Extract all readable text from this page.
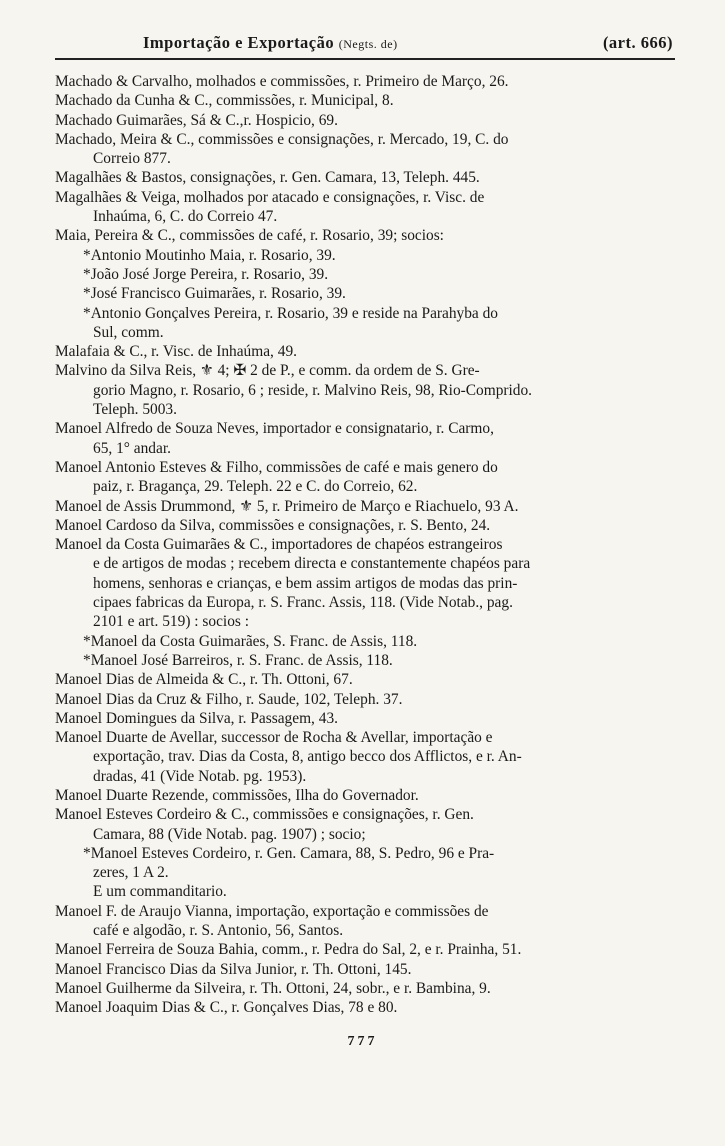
Importação e Exportação (Negts. de)	(art. 666)
Machado & Carvalho, molhados e commissões, r. Primeiro de Março, 26.
Machado da Cunha & C., commissões, r. Municipal, 8.
Machado Guimarães, Sá & C.,r. Hospicio, 69.
Machado, Meira & C., commissões e consignações, r. Mercado, 19, C. do
Correio 877.
Magalhães & Bastos, consignações, r. Gen. Camara, 13, Teleph. 445.
Magalhães & Veiga, molhados por atacado e consignações, r. Visc. de
Inhaúma, 6, C. do Correio 47.
Maia, Pereira & C., commissões de café, r. Rosario, 39; socios:
*Antonio Moutinho Maia, r. Rosario, 39.
*João José Jorge Pereira, r. Rosario, 39.
*José Francisco Guimarães, r. Rosario, 39.
*Antonio Gonçalves Pereira, r. Rosario, 39 e reside na Parahyba do
Sul, comm.
Malafaia & C., r. Visc. de Inhaúma, 49.
Malvino da Silva Reis, ⚜ 4; ✠ 2 de P., e comm. da ordem de S. Gre-
gorio Magno, r. Rosario, 6 ; reside, r. Malvino Reis, 98, Rio-Comprido.
Teleph. 5003.
Manoel Alfredo de Souza Neves, importador e consignatario, r. Carmo,
65, 1° andar.
Manoel Antonio Esteves & Filho, commissões de café e mais genero do
paiz, r. Bragança, 29. Teleph. 22 e C. do Correio, 62.
Manoel de Assis Drummond, ⚜ 5, r. Primeiro de Março e Riachuelo, 93 A.
Manoel Cardoso da Silva, commissões e consignações, r. S. Bento, 24.
Manoel da Costa Guimarães & C., importadores de chapéos estrangeiros
e de artigos de modas ; recebem directa e constantemente chapéos para
homens, senhoras e crianças, e bem assim artigos de modas das prin-
cipaes fabricas da Europa, r. S. Franc. Assis, 118. (Vide Notab., pag.
2101 e art. 519) : socios :
*Manoel da Costa Guimarães, S. Franc. de Assis, 118.
*Manoel José Barreiros, r. S. Franc. de Assis, 118.
Manoel Dias de Almeida & C., r. Th. Ottoni, 67.
Manoel Dias da Cruz & Filho, r. Saude, 102, Teleph. 37.
Manoel Domingues da Silva, r. Passagem, 43.
Manoel Duarte de Avellar, successor de Rocha & Avellar, importação e
exportação, trav. Dias da Costa, 8, antigo becco dos Afflictos, e r. An-
dradas, 41 (Vide Notab. pg. 1953).
Manoel Duarte Rezende, commissões, Ilha do Governador.
Manoel Esteves Cordeiro & C., commissões e consignações, r. Gen.
Camara, 88 (Vide Notab. pag. 1907) ; socio;
*Manoel Esteves Cordeiro, r. Gen. Camara, 88, S. Pedro, 96 e Pra-
zeres, 1 A 2.
E um commanditario.
Manoel F. de Araujo Vianna, importação, exportação e commissões de
café e algodão, r. S. Antonio, 56, Santos.
Manoel Ferreira de Souza Bahia, comm., r. Pedra do Sal, 2, e r. Prainha, 51.
Manoel Francisco Dias da Silva Junior, r. Th. Ottoni, 145.
Manoel Guilherme da Silveira, r. Th. Ottoni, 24, sobr., e r. Bambina, 9.
Manoel Joaquim Dias & C., r. Gonçalves Dias, 78 e 80.
777
